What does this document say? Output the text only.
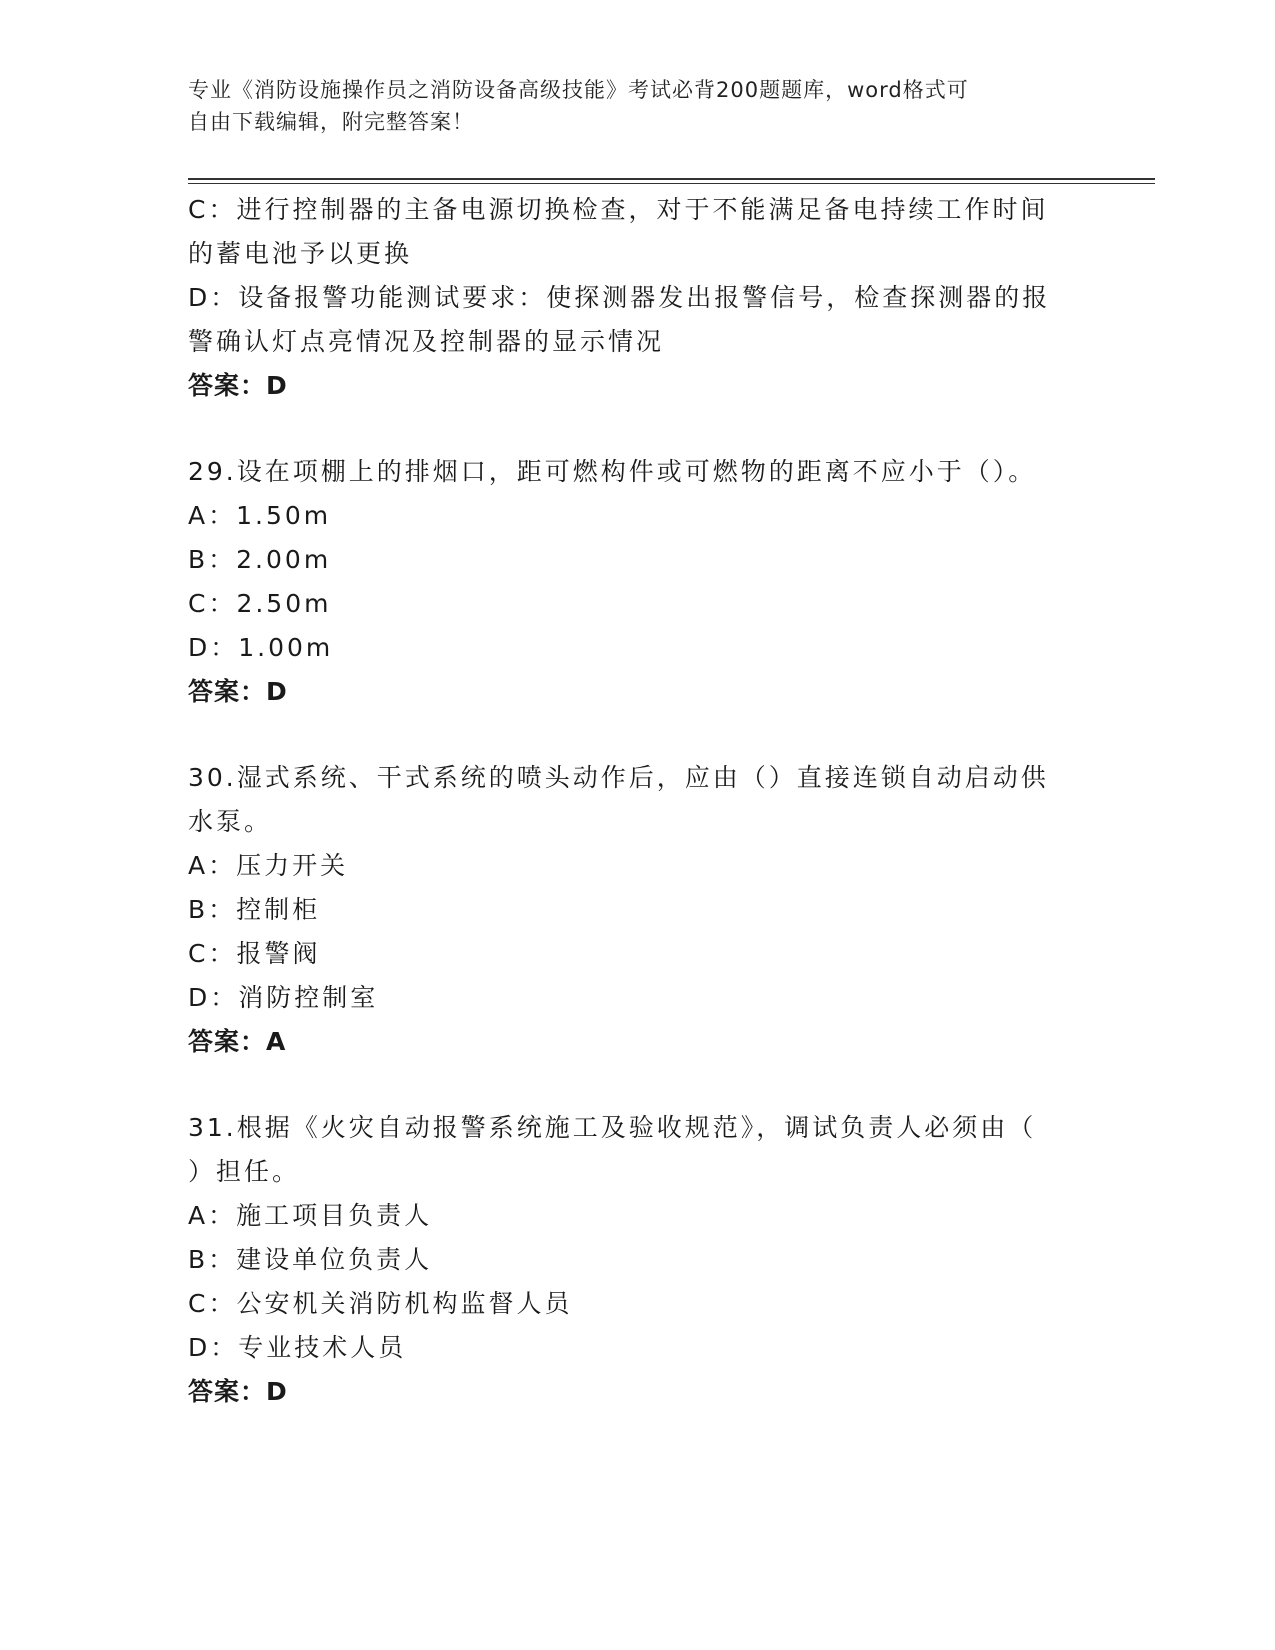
专业《消防设施操作员之消防设备高级技能》考试必背200题题库，word格式可
自由下载编辑，附完整答案！
C：进行控制器的主备电源切换检查，对于不能满足备电持续工作时间
的蓄电池予以更换
D：设备报警功能测试要求：使探测器发出报警信号，检查探测器的报
警确认灯点亮情况及控制器的显示情况
答案：D
29.设在项棚上的排烟口，距可燃构件或可燃物的距离不应小于（）。
A：1.50m
B：2.00m
C：2.50m
D：1.00m
答案：D
30.湿式系统、干式系统的喷头动作后，应由（）直接连锁自动启动供
水泵。
A：压力开关
B：控制柜
C：报警阀
D：消防控制室
答案：A
31.根据《火灾自动报警系统施工及验收规范》，调试负责人必须由（
）担任。
A：施工项目负责人
B：建设单位负责人
C：公安机关消防机构监督人员
D：专业技术人员
答案：D
